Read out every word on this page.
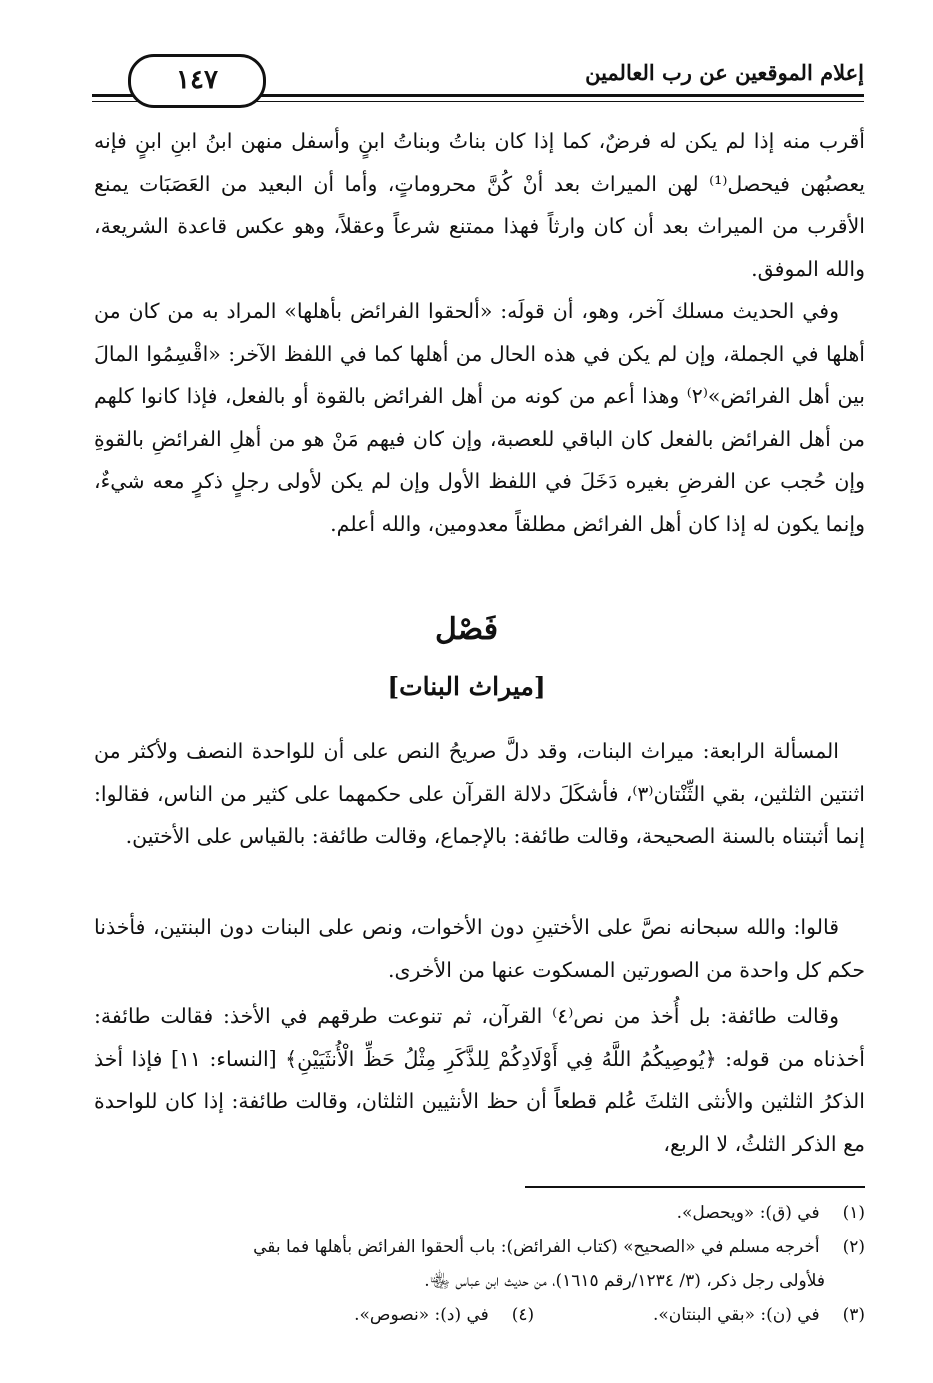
إعلام الموقعين عن رب العالمين
١٤٧

أقرب منه إذا لم يكن له فرضٌ، كما إذا كان بناتُ وبناتُ ابنٍ وأسفل منهن ابنُ ابنِ ابنٍ فإنه يعصبُهن فيحصل⁽¹⁾ لهن الميراث بعد أنْ كُنَّ محروماتٍ، وأما أن البعيد من العَصَبَات يمنع الأقرب من الميراث بعد أن كان وارثاً فهذا ممتنع شرعاً وعقلاً، وهو عكس قاعدة الشريعة، والله الموفق.

وفي الحديث مسلك آخر، وهو، أن قولَه: «ألحقوا الفرائض بأهلها» المراد به من كان من أهلها في الجملة، وإن لم يكن في هذه الحال من أهلها كما في اللفظ الآخر: «اقْسِمُوا المالَ بين أهل الفرائض»⁽٢⁾ وهذا أعم من كونه من أهل الفرائض بالقوة أو بالفعل، فإذا كانوا كلهم من أهل الفرائض بالفعل كان الباقي للعصبة، وإن كان فيهم مَنْ هو من أهلِ الفرائضِ بالقوةِ وإن حُجب عن الفرضِ بغيره دَخَلَ في اللفظ الأول وإن لم يكن لأولى رجلٍ ذكرٍ معه شيءٌ، وإنما يكون له إذا كان أهل الفرائض مطلقاً معدومين، والله أعلم.

فَصْل
[ميراث البنات]

المسألة الرابعة: ميراث البنات، وقد دلَّ صريحُ النص على أن للواحدة النصف ولأكثر من اثنتين الثلثين، بقي الثِّنْتان⁽٣⁾، فأشكَلَ دلالة القرآن على حكمهما على كثير من الناس، فقالوا: إنما أثبتناه بالسنة الصحيحة، وقالت طائفة: بالإجماع، وقالت طائفة: بالقياس على الأختين.

قالوا: والله سبحانه نصَّ على الأختينِ دون الأخوات، ونص على البنات دون البنتين، فأخذنا حكم كل واحدة من الصورتين المسكوت عنها من الأخرى.

وقالت طائفة: بل أُخذ من نص⁽٤⁾ القرآن، ثم تنوعت طرقهم في الأخذ: فقالت طائفة: أخذناه من قوله: ﴿يُوصِيكُمُ اللَّهُ فِي أَوْلَادِكُمْ لِلذَّكَرِ مِثْلُ حَظِّ الْأُنثَيَيْنِ﴾ [النساء: ١١] فإذا أخذ الذكرُ الثلثين والأنثى الثلثَ عُلم قطعاً أن حظ الأنثيين الثلثان، وقالت طائفة: إذا كان للواحدة مع الذكر الثلثُ، لا الربع،

(١) في (ق): «ويحصل».

(٢) أخرجه مسلم في «الصحيح» (كتاب الفرائض): باب ألحقوا الفرائض بأهلها فما بقي

فلأولى رجل ذكر، (٣/ ١٢٣٤/رقم ١٦١٥)، من حديث ابن عباس ﵄.

(٣) في (ن): «بقي البنتان». (٤) في (د): «نصوص».
